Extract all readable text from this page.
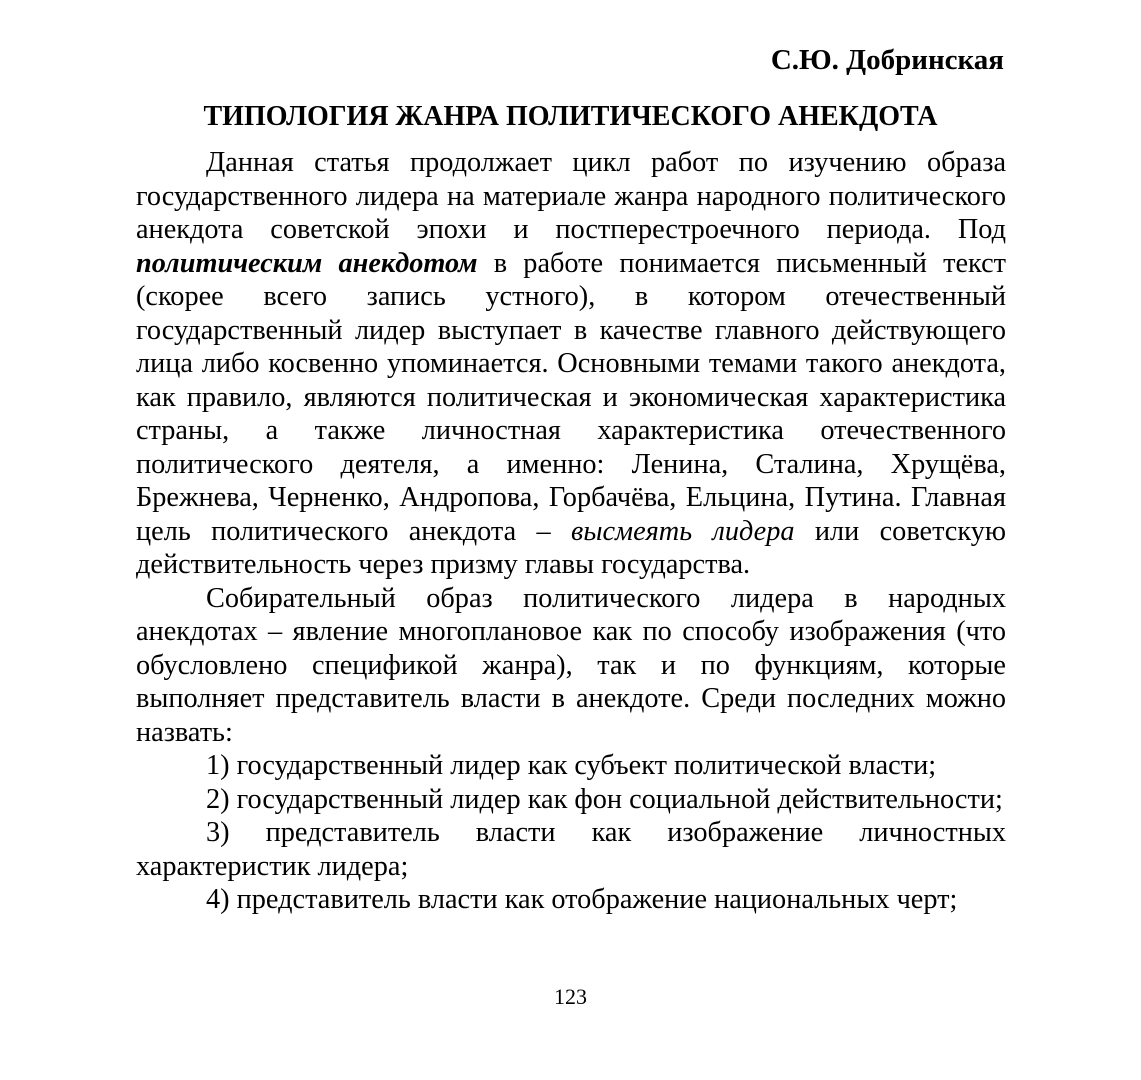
С.Ю. Добринская
ТИПОЛОГИЯ ЖАНРА ПОЛИТИЧЕСКОГО АНЕКДОТА

Данная статья продолжает цикл работ по изучению образа государственного лидера на материале жанра народного политического анекдота советской эпохи и постперестроечного периода. Под политическим анекдотом в работе понимается письменный текст (скорее всего запись устного), в котором отечественный государственный лидер выступает в качестве главного действующего лица либо косвенно упоминается. Основными темами такого анекдота, как правило, являются политическая и экономическая характеристика страны, а также личностная характеристика отечественного политического деятеля, а именно: Ленина, Сталина, Хрущёва, Брежнева, Черненко, Андропова, Горбачёва, Ельцина, Путина. Главная цель политического анекдота – высмеять лидера или советскую действительность через призму главы государства.

Собирательный образ политического лидера в народных анекдотах – явление многоплановое как по способу изображения (что обусловлено спецификой жанра), так и по функциям, которые выполняет представитель власти в анекдоте. Среди последних можно назвать:

1) государственный лидер как субъект политической власти;

2) государственный лидер как фон социальной действительности;

3) представитель власти как изображение личностных характеристик лидера;

4) представитель власти как отображение национальных черт;

123
